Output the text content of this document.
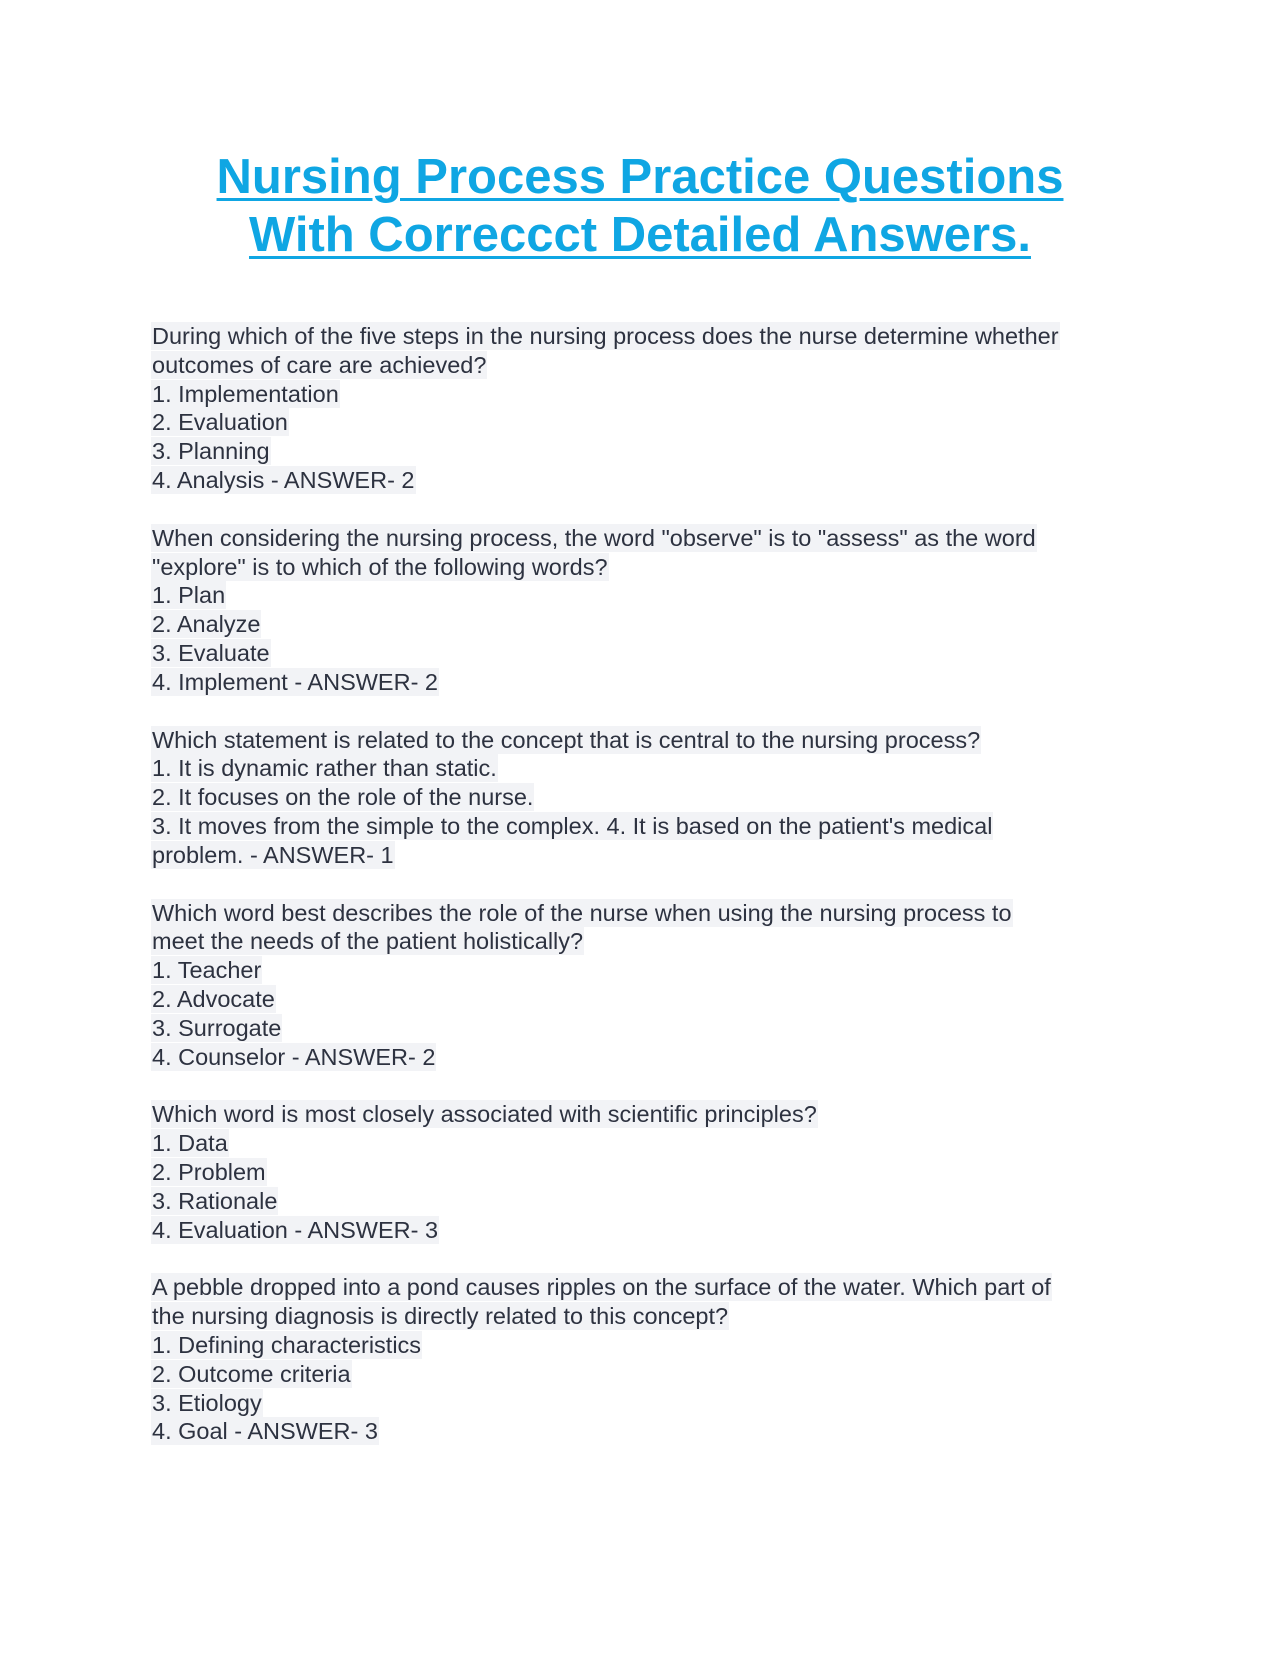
Nursing Process Practice Questions
With Correccct Detailed Answers.
During which of the five steps in the nursing process does the nurse determine whether
outcomes of care are achieved?
1. Implementation
2. Evaluation
3. Planning
4. Analysis - ANSWER- 2
When considering the nursing process, the word "observe" is to "assess" as the word
"explore" is to which of the following words?
1. Plan
2. Analyze
3. Evaluate
4. Implement - ANSWER- 2
Which statement is related to the concept that is central to the nursing process?
1. It is dynamic rather than static.
2. It focuses on the role of the nurse.
3. It moves from the simple to the complex. 4. It is based on the patient's medical
problem. - ANSWER- 1
Which word best describes the role of the nurse when using the nursing process to
meet the needs of the patient holistically?
1. Teacher
2. Advocate
3. Surrogate
4. Counselor - ANSWER- 2
Which word is most closely associated with scientific principles?
1. Data
2. Problem
3. Rationale
4. Evaluation - ANSWER- 3
A pebble dropped into a pond causes ripples on the surface of the water. Which part of
the nursing diagnosis is directly related to this concept?
1. Defining characteristics
2. Outcome criteria
3. Etiology
4. Goal - ANSWER- 3
